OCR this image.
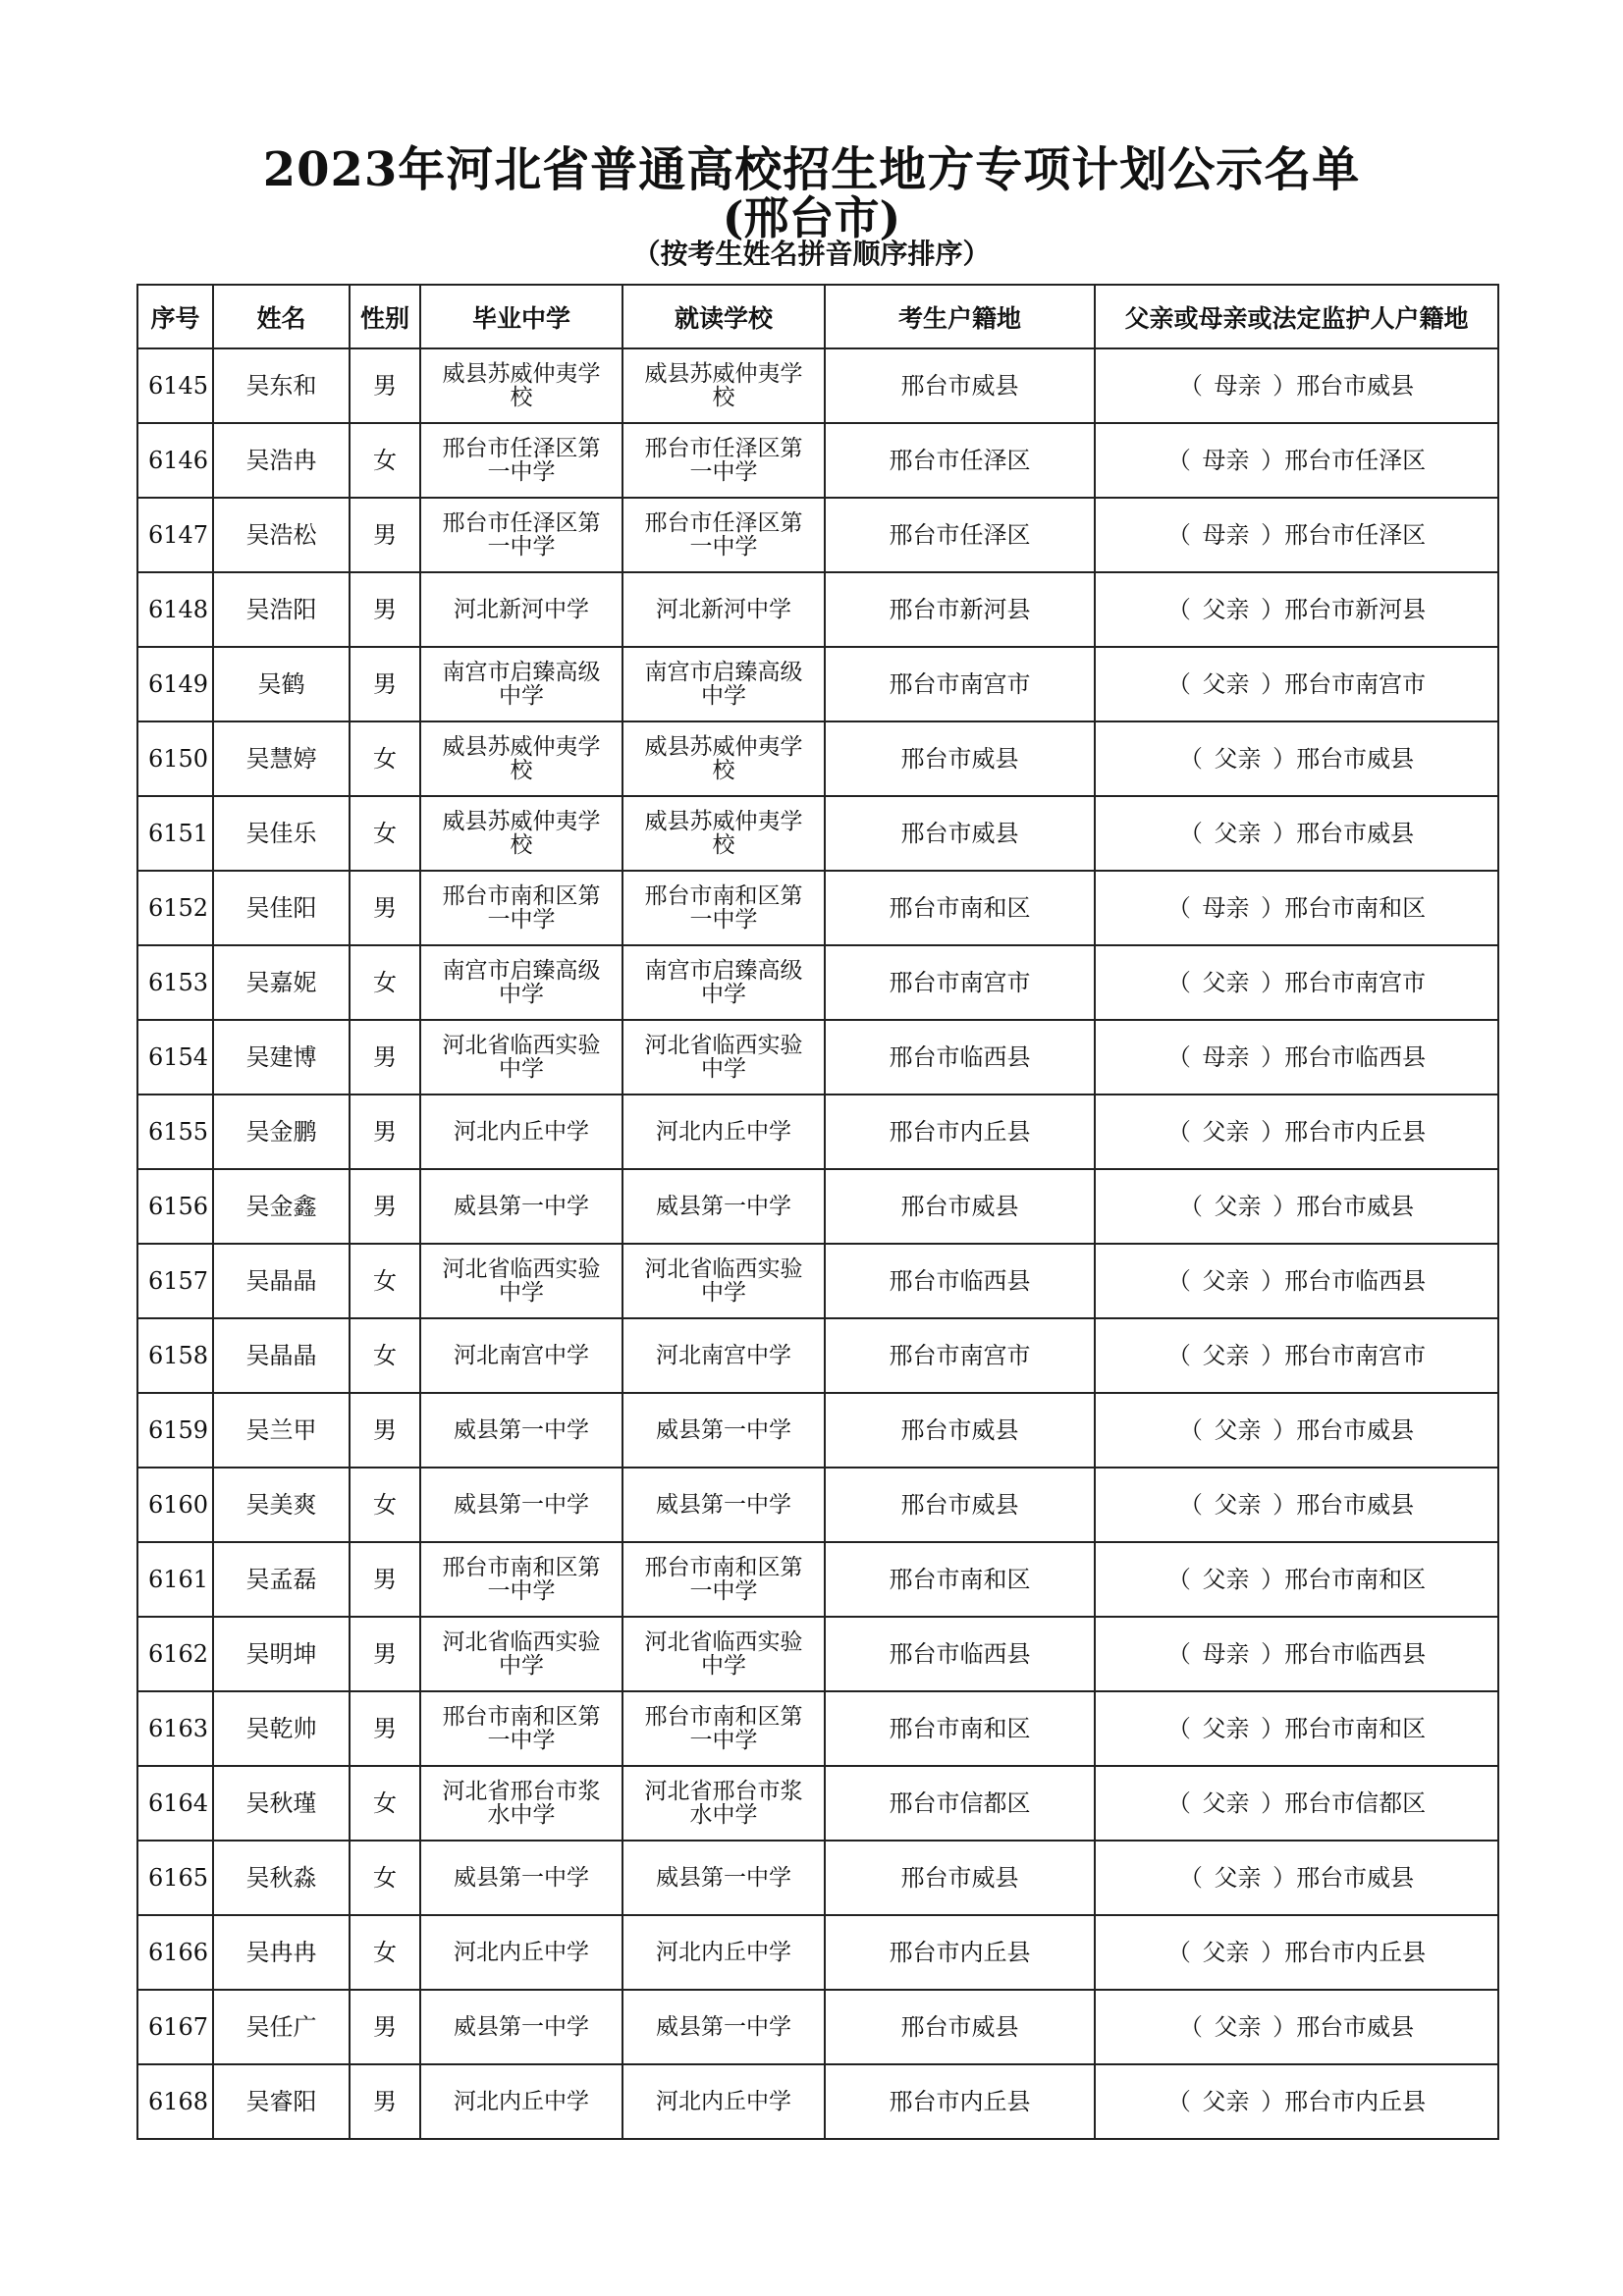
2023年河北省普通高校招生地方专项计划公示名单
(邢台市)
（按考生姓名拼音顺序排序）
序号	姓名	性别	毕业中学	就读学校	考生户籍地	父亲或母亲或法定监护人户籍地
6145	吴东和	男	威县苏威仲夷学校	威县苏威仲夷学校	邢台市威县	（ 母亲 ）邢台市威县
6146	吴浩冉	女	邢台市任泽区第一中学	邢台市任泽区第一中学	邢台市任泽区	（ 母亲 ）邢台市任泽区
6147	吴浩松	男	邢台市任泽区第一中学	邢台市任泽区第一中学	邢台市任泽区	（ 母亲 ）邢台市任泽区
6148	吴浩阳	男	河北新河中学	河北新河中学	邢台市新河县	（ 父亲 ）邢台市新河县
6149	吴鹤	男	南宫市启臻高级中学	南宫市启臻高级中学	邢台市南宫市	（ 父亲 ）邢台市南宫市
6150	吴慧婷	女	威县苏威仲夷学校	威县苏威仲夷学校	邢台市威县	（ 父亲 ）邢台市威县
6151	吴佳乐	女	威县苏威仲夷学校	威县苏威仲夷学校	邢台市威县	（ 父亲 ）邢台市威县
6152	吴佳阳	男	邢台市南和区第一中学	邢台市南和区第一中学	邢台市南和区	（ 母亲 ）邢台市南和区
6153	吴嘉妮	女	南宫市启臻高级中学	南宫市启臻高级中学	邢台市南宫市	（ 父亲 ）邢台市南宫市
6154	吴建博	男	河北省临西实验中学	河北省临西实验中学	邢台市临西县	（ 母亲 ）邢台市临西县
6155	吴金鹏	男	河北内丘中学	河北内丘中学	邢台市内丘县	（ 父亲 ）邢台市内丘县
6156	吴金鑫	男	威县第一中学	威县第一中学	邢台市威县	（ 父亲 ）邢台市威县
6157	吴晶晶	女	河北省临西实验中学	河北省临西实验中学	邢台市临西县	（ 父亲 ）邢台市临西县
6158	吴晶晶	女	河北南宫中学	河北南宫中学	邢台市南宫市	（ 父亲 ）邢台市南宫市
6159	吴兰甲	男	威县第一中学	威县第一中学	邢台市威县	（ 父亲 ）邢台市威县
6160	吴美爽	女	威县第一中学	威县第一中学	邢台市威县	（ 父亲 ）邢台市威县
6161	吴孟磊	男	邢台市南和区第一中学	邢台市南和区第一中学	邢台市南和区	（ 父亲 ）邢台市南和区
6162	吴明坤	男	河北省临西实验中学	河北省临西实验中学	邢台市临西县	（ 母亲 ）邢台市临西县
6163	吴乾帅	男	邢台市南和区第一中学	邢台市南和区第一中学	邢台市南和区	（ 父亲 ）邢台市南和区
6164	吴秋瑾	女	河北省邢台市浆水中学	河北省邢台市浆水中学	邢台市信都区	（ 父亲 ）邢台市信都区
6165	吴秋淼	女	威县第一中学	威县第一中学	邢台市威县	（ 父亲 ）邢台市威县
6166	吴冉冉	女	河北内丘中学	河北内丘中学	邢台市内丘县	（ 父亲 ）邢台市内丘县
6167	吴任广	男	威县第一中学	威县第一中学	邢台市威县	（ 父亲 ）邢台市威县
6168	吴睿阳	男	河北内丘中学	河北内丘中学	邢台市内丘县	（ 父亲 ）邢台市内丘县
